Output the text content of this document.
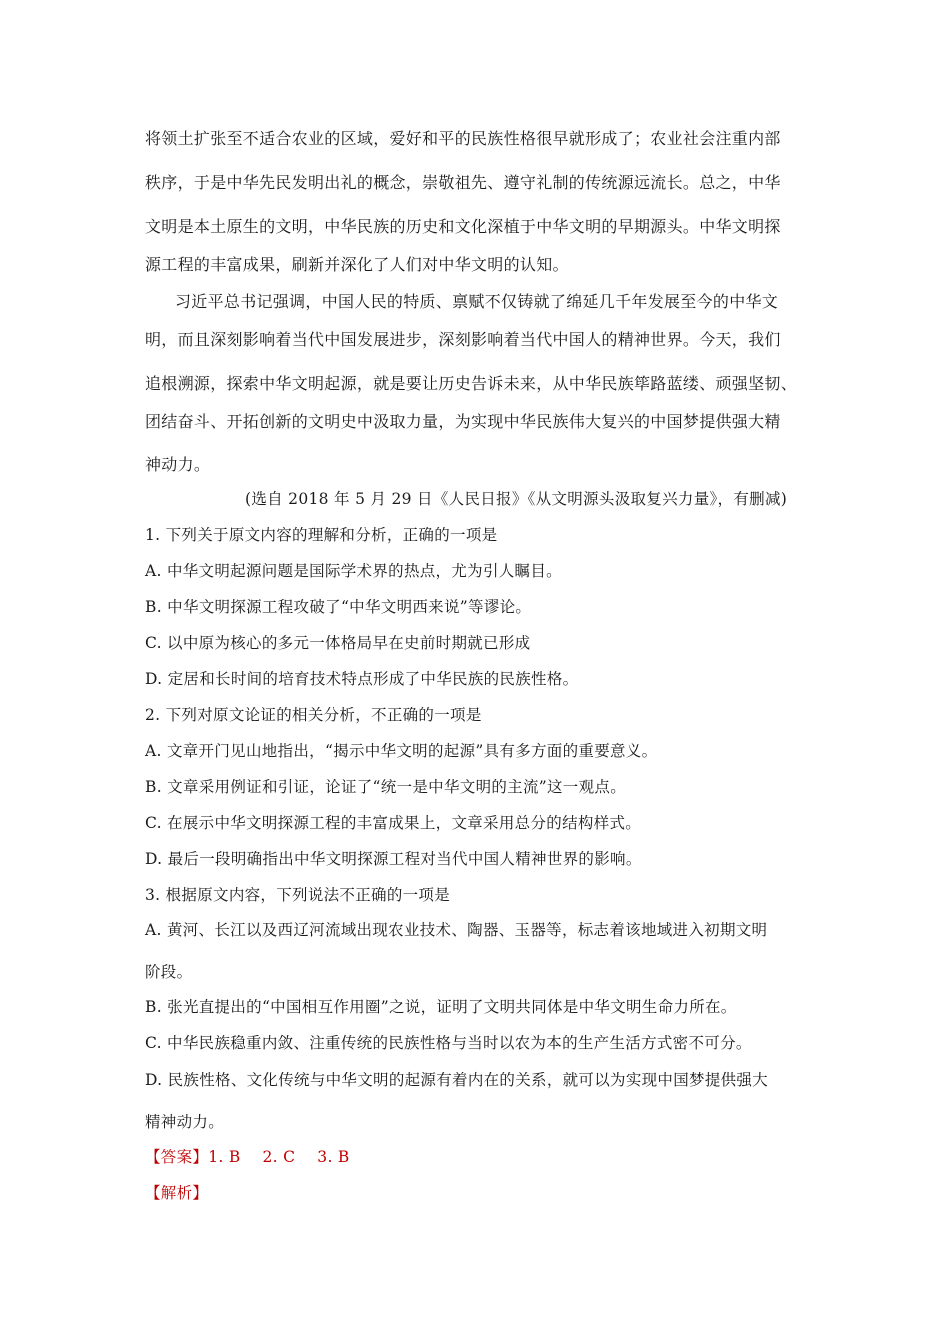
将领土扩张至不适合农业的区域，爱好和平的民族性格很早就形成了；农业社会注重内部
秩序，于是中华先民发明出礼的概念，崇敬祖先、遵守礼制的传统源远流长。总之，中华
文明是本土原生的文明，中华民族的历史和文化深植于中华文明的早期源头。中华文明探
源工程的丰富成果，刷新并深化了人们对中华文明的认知。
习近平总书记强调，中国人民的特质、禀赋不仅铸就了绵延几千年发展至今的中华文
明，而且深刻影响着当代中国发展进步，深刻影响着当代中国人的精神世界。今天，我们
追根溯源，探索中华文明起源，就是要让历史告诉未来，从中华民族筚路蓝缕、顽强坚韧、
团结奋斗、开拓创新的文明史中汲取力量，为实现中华民族伟大复兴的中国梦提供强大精
神动力。
(选自 2018 年 5 月 29 日《人民日报》《从文明源头汲取复兴力量》，有删减)
1. 下列关于原文内容的理解和分析，正确的一项是
A. 中华文明起源问题是国际学术界的热点，尤为引人瞩目。
B. 中华文明探源工程攻破了“中华文明西来说”等谬论。
C. 以中原为核心的多元一体格局早在史前时期就已形成
D. 定居和长时间的培育技术特点形成了中华民族的民族性格。
2. 下列对原文论证的相关分析，不正确的一项是
A. 文章开门见山地指出，“揭示中华文明的起源”具有多方面的重要意义。
B. 文章采用例证和引证，论证了“统一是中华文明的主流”这一观点。
C. 在展示中华文明探源工程的丰富成果上，文章采用总分的结构样式。
D. 最后一段明确指出中华文明探源工程对当代中国人精神世界的影响。
3. 根据原文内容，下列说法不正确的一项是
A. 黄河、长江以及西辽河流域出现农业技术、陶器、玉器等，标志着该地域进入初期文明
阶段。
B. 张光直提出的“中国相互作用圈”之说，证明了文明共同体是中华文明生命力所在。
C. 中华民族稳重内敛、注重传统的民族性格与当时以农为本的生产生活方式密不可分。
D. 民族性格、文化传统与中华文明的起源有着内在的关系，就可以为实现中国梦提供强大
精神动力。
【答案】1. B 2. C 3. B
【解析】
